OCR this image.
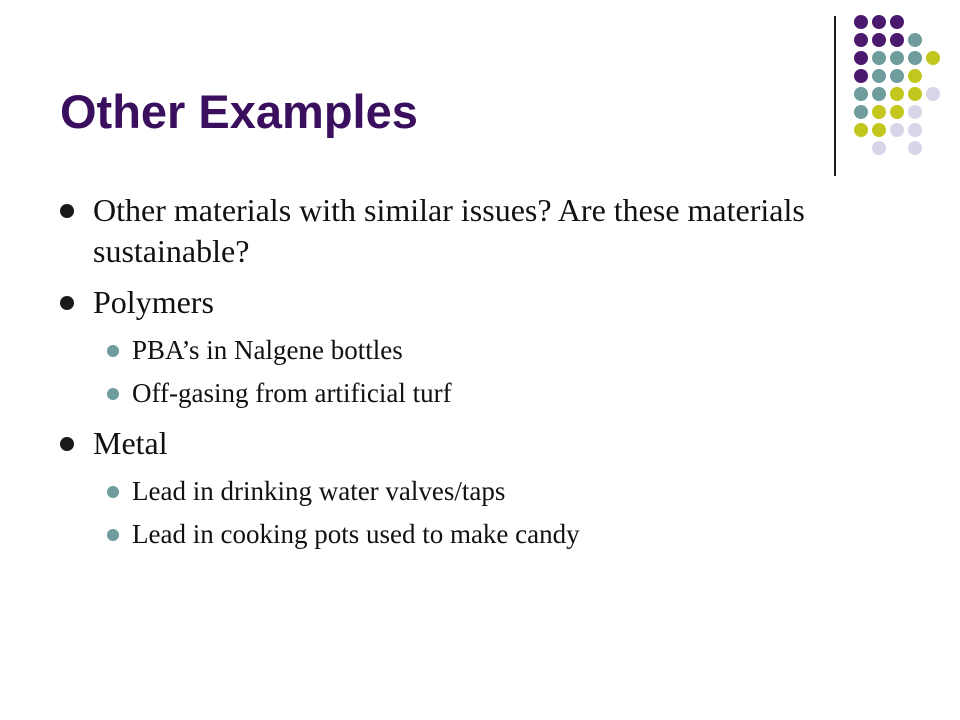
Other Examples
Other materials with similar issues? Are these materials sustainable?
Polymers
PBA’s in Nalgene bottles
Off-gasing from artificial turf
Metal
Lead in drinking water valves/taps
Lead in cooking pots used to make candy
